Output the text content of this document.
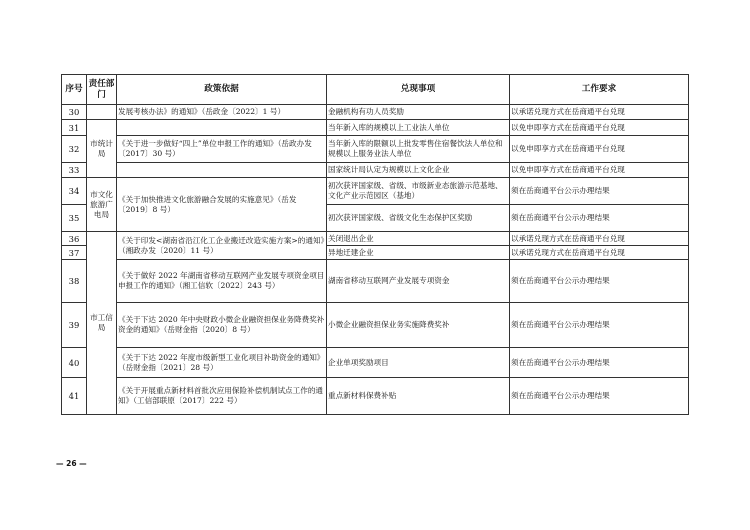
序号	责任部门	政策依据	兑现事项	工作要求
30		发展考核办法》的通知》（岳政金〔2022〕1 号）	金融机构有功人员奖励	以承诺兑现方式在岳商通平台兑现
31	市统计局		当年新入库的规模以上工业法人单位	以免申即享方式在岳商通平台兑现
32		《关于进一步做好“四上”单位申报工作的通知》（岳政办发〔2017〕30 号）	当年新入库的限额以上批发零售住宿餐饮法人单位和规模以上服务业法人单位	以免申即享方式在岳商通平台兑现
33			国家统计局认定为规模以上文化企业	以免申即享方式在岳商通平台兑现
34	市文化旅游广电局	《关于加快推进文化旅游融合发展的实施意见》（岳发〔2019〕8 号）	初次获评国家级、省级、市级新业态旅游示范基地、文化产业示范园区（基地）	须在岳商通平台公示办理结果
35			初次获评国家级、省级文化生态保护区奖励	须在岳商通平台公示办理结果
36	市工信局	《关于印发<湖南省沿江化工企业搬迁改造实施方案>的通知》（湘政办发〔2020〕11 号）	关闭退出企业	以承诺兑现方式在岳商通平台兑现
37			异地迁建企业	以承诺兑现方式在岳商通平台兑现
38		《关于做好 2022 年湖南省移动互联网产业发展专项资金项目申报工作的通知》（湘工信软〔2022〕243 号）	湖南省移动互联网产业发展专项资金	须在岳商通平台公示办理结果
39		《关于下达 2020 年中央财政小微企业融资担保业务降费奖补资金的通知》（岳财金指〔2020〕8 号）	小微企业融资担保业务实施降费奖补	须在岳商通平台公示办理结果
40		《关于下达 2022 年度市级新型工业化项目补助资金的通知》（岳财金指〔2021〕28 号）	企业单项奖励项目	须在岳商通平台公示办理结果
41		《关于开展重点新材料首批次应用保险补偿机制试点工作的通知》（工信部联原〔2017〕222 号）	重点新材料保费补贴	须在岳商通平台公示办理结果
— 26 —
